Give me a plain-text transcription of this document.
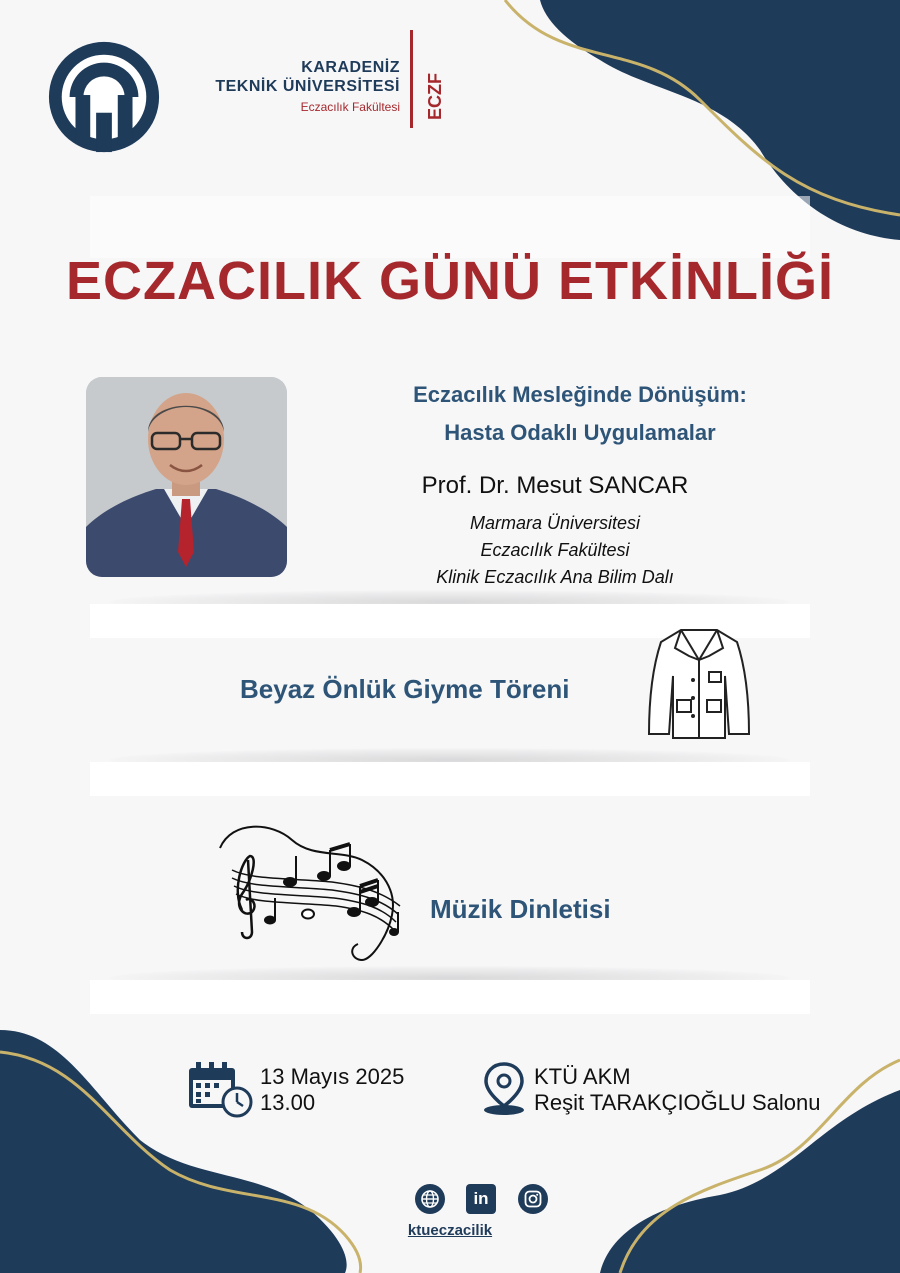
KARADENİZ
TEKNİK ÜNİVERSİTESİ
Eczacılık Fakültesi ECZF
ECZACILIK GÜNÜ ETKİNLİĞİ
Eczacılık Mesleğinde Dönüşüm:
Hasta Odaklı Uygulamalar
Prof. Dr. Mesut SANCAR
Marmara Üniversitesi
Eczacılık Fakültesi
Klinik Eczacılık Ana Bilim Dalı
Beyaz Önlük Giyme Töreni
Müzik Dinletisi
13 Mayıs 2025
13.00
KTÜ AKM
Reşit TARAKÇIOĞLU Salonu
in
ktueczacilik
